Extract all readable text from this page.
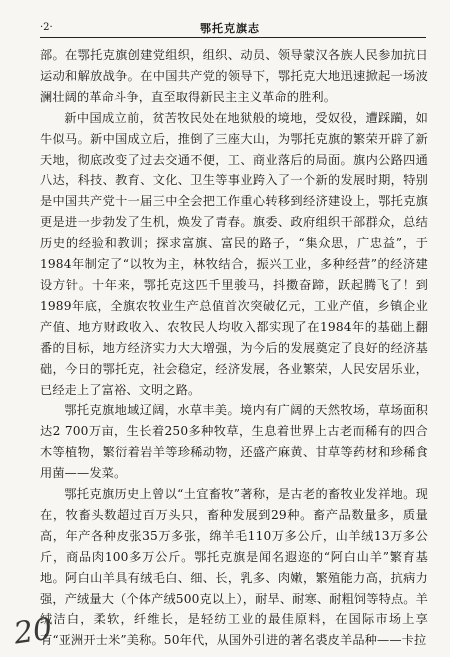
·2·	鄂托克旗志

部。在鄂托克旗创建党组织，组织、动员、领导蒙汉各族人民参加抗日运动和解放战争。在中国共产党的领导下，鄂托克大地迅速掀起一场波澜壮阔的革命斗争，直至取得新民主主义革命的胜利。

新中国成立前，贫苦牧民处在地狱般的境地，受奴役，遭踩躏，如牛似马。新中国成立后，推倒了三座大山，为鄂托克旗的繁荣开辟了新天地，彻底改变了过去交通不便，工、商业落后的局面。旗内公路四通八达，科技、教育、文化、卫生等事业跨入了一个新的发展时期，特别是中国共产党十一届三中全会把工作重心转移到经济建设上，鄂托克旗更是进一步勃发了生机，焕发了青春。旗委、政府组织干部群众，总结历史的经验和教训；探求富旗、富民的路子，“集众思，广忠益”，于1984年制定了“以牧为主，林牧结合，振兴工业，多种经营”的经济建设方针。十年来，鄂托克这匹千里骏马，抖擞奋蹄，跃起腾飞了！到1989年底，全旗农牧业生产总值首次突破亿元，工业产值，乡镇企业产值、地方财政收入、农牧民人均收入都实现了在1984年的基础上翻番的目标，地方经济实力大大增强，为今后的发展奠定了良好的经济基础，今日的鄂托克，社会稳定，经济发展，各业繁荣，人民安居乐业，已经走上了富裕、文明之路。

鄂托克旗地域辽阔，水草丰美。境内有广阔的天然牧场，草场面积达2 700万亩，生长着250多种牧草，生息着世界上古老而稀有的四合木等植物，繁衍着岩羊等珍稀动物，还盛产麻黄、甘草等药材和珍稀食用菌——发菜。

鄂托克旗历史上曾以“土宜畜牧”著称，是古老的畜牧业发祥地。现在，牧畜头数超过百万头只，畜种发展到29种。畜产品数量多，质量高，年产各种皮张35万多张，绵羊毛110万多公斤，山羊绒13万多公斤，商品肉100多万公斤。鄂托克旗是闻名遐迩的“阿白山羊”繁育基地。阿白山羊具有绒毛白、细、长，乳多、肉嫩，繁殖能力高，抗病力强，产绒量大（个体产绒500克以上），耐旱、耐寒、耐粗饲等特点。羊绒洁白，柔软，纤维长，是轻纺工业的最佳原料，在国际市场上享有“亚洲开士米”美称。50年代，从国外引进的著名裘皮羊品种——卡拉

20
